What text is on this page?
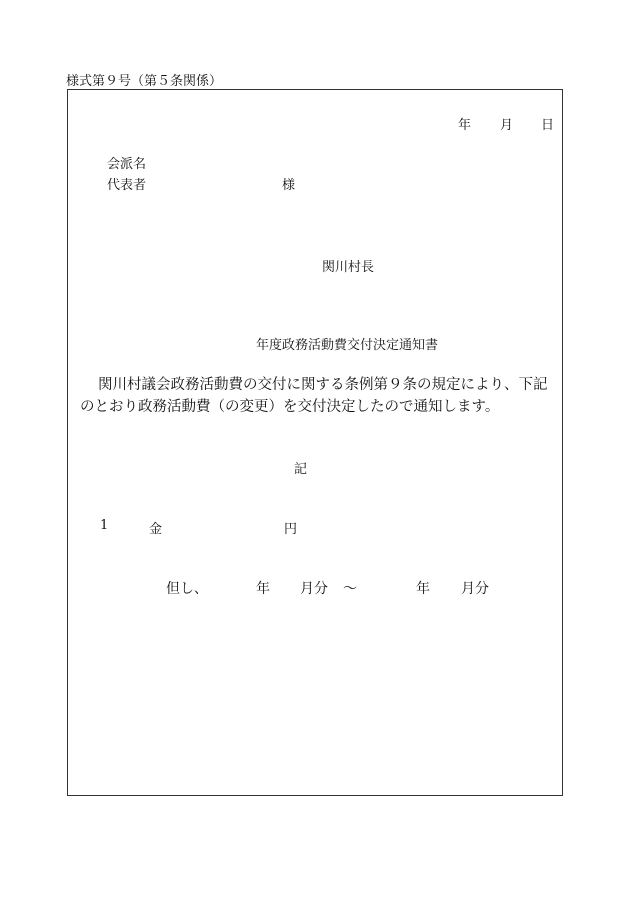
様式第９号（第５条関係）
年 月 日
会派名
代表者	様
関川村長
年度政務活動費交付決定通知書
関川村議会政務活動費の交付に関する条例第９条の規定により、下記のとおり政務活動費（の変更）を交付決定したので通知します。
記
1	金	円
但し、	年 月分 ～	年 月分
